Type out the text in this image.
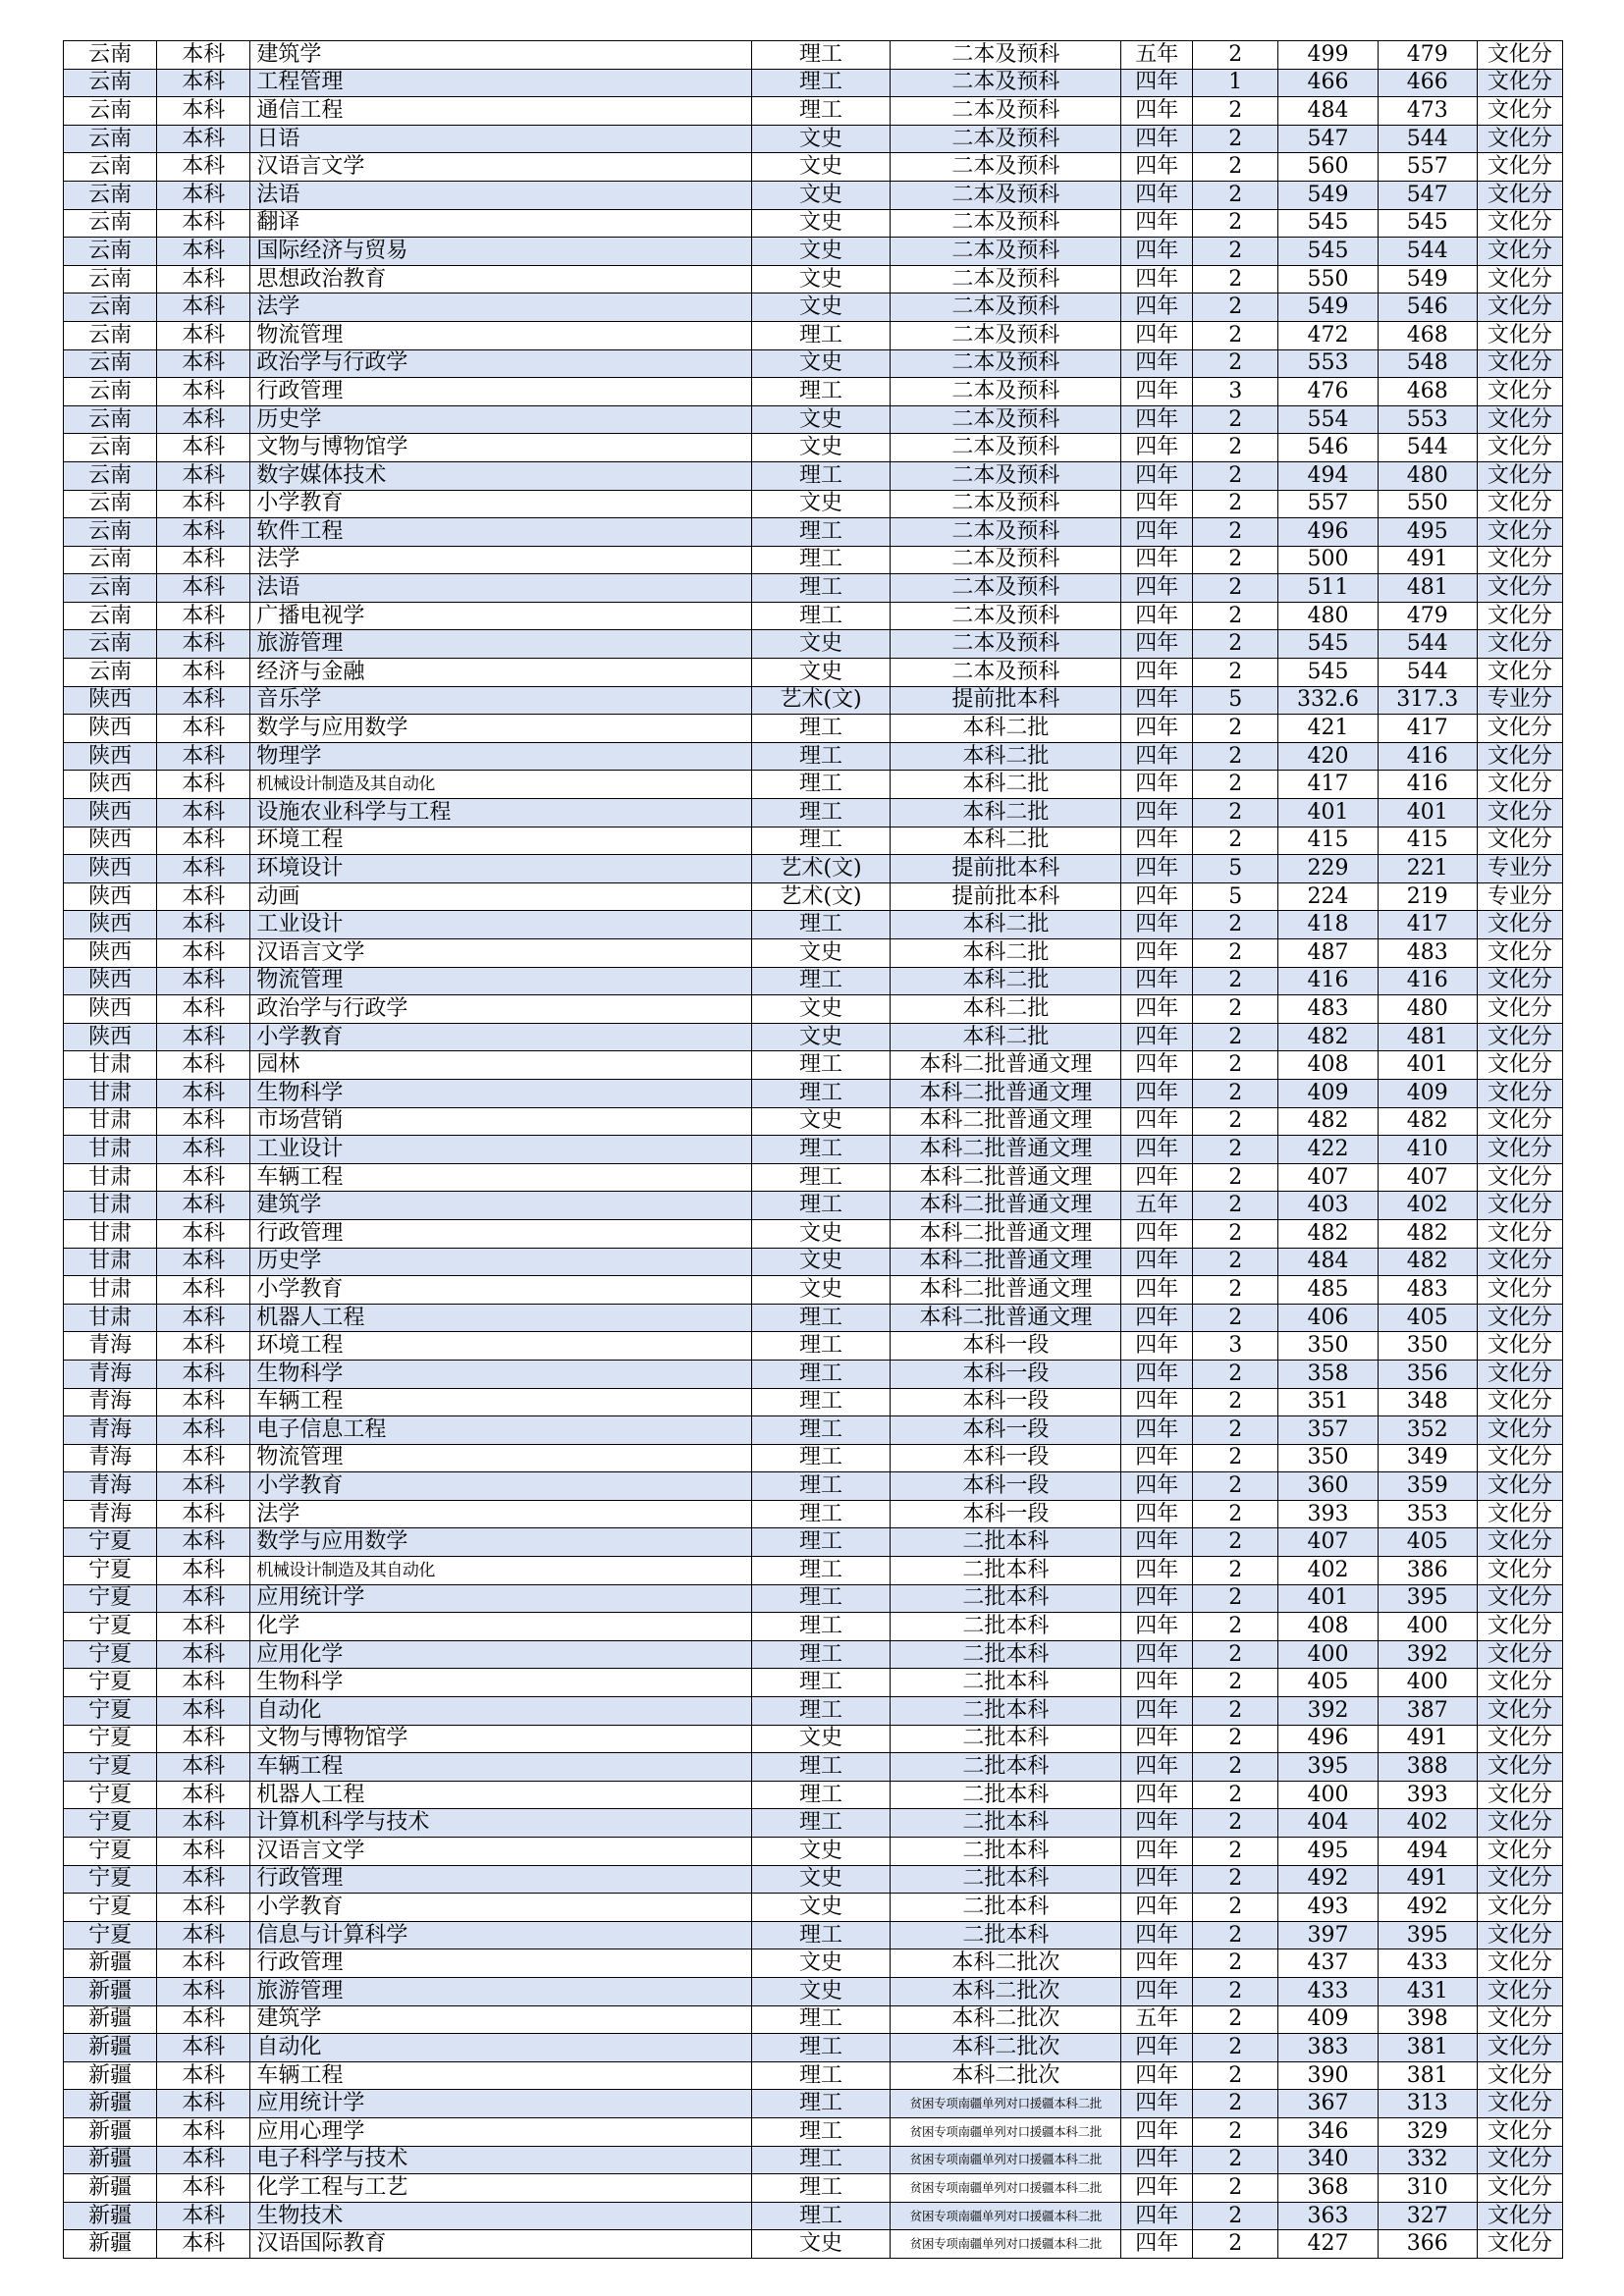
云南	本科	建筑学	理工	二本及预科	五年	2	499	479	文化分
云南	本科	工程管理	理工	二本及预科	四年	1	466	466	文化分
云南	本科	通信工程	理工	二本及预科	四年	2	484	473	文化分
云南	本科	日语	文史	二本及预科	四年	2	547	544	文化分
云南	本科	汉语言文学	文史	二本及预科	四年	2	560	557	文化分
云南	本科	法语	文史	二本及预科	四年	2	549	547	文化分
云南	本科	翻译	文史	二本及预科	四年	2	545	545	文化分
云南	本科	国际经济与贸易	文史	二本及预科	四年	2	545	544	文化分
云南	本科	思想政治教育	文史	二本及预科	四年	2	550	549	文化分
云南	本科	法学	文史	二本及预科	四年	2	549	546	文化分
云南	本科	物流管理	理工	二本及预科	四年	2	472	468	文化分
云南	本科	政治学与行政学	文史	二本及预科	四年	2	553	548	文化分
云南	本科	行政管理	理工	二本及预科	四年	3	476	468	文化分
云南	本科	历史学	文史	二本及预科	四年	2	554	553	文化分
云南	本科	文物与博物馆学	文史	二本及预科	四年	2	546	544	文化分
云南	本科	数字媒体技术	理工	二本及预科	四年	2	494	480	文化分
云南	本科	小学教育	文史	二本及预科	四年	2	557	550	文化分
云南	本科	软件工程	理工	二本及预科	四年	2	496	495	文化分
云南	本科	法学	理工	二本及预科	四年	2	500	491	文化分
云南	本科	法语	理工	二本及预科	四年	2	511	481	文化分
云南	本科	广播电视学	理工	二本及预科	四年	2	480	479	文化分
云南	本科	旅游管理	文史	二本及预科	四年	2	545	544	文化分
云南	本科	经济与金融	文史	二本及预科	四年	2	545	544	文化分
陕西	本科	音乐学	艺术(文)	提前批本科	四年	5	332.6	317.3	专业分
陕西	本科	数学与应用数学	理工	本科二批	四年	2	421	417	文化分
陕西	本科	物理学	理工	本科二批	四年	2	420	416	文化分
陕西	本科	机械设计制造及其自动化	理工	本科二批	四年	2	417	416	文化分
陕西	本科	设施农业科学与工程	理工	本科二批	四年	2	401	401	文化分
陕西	本科	环境工程	理工	本科二批	四年	2	415	415	文化分
陕西	本科	环境设计	艺术(文)	提前批本科	四年	5	229	221	专业分
陕西	本科	动画	艺术(文)	提前批本科	四年	5	224	219	专业分
陕西	本科	工业设计	理工	本科二批	四年	2	418	417	文化分
陕西	本科	汉语言文学	文史	本科二批	四年	2	487	483	文化分
陕西	本科	物流管理	理工	本科二批	四年	2	416	416	文化分
陕西	本科	政治学与行政学	文史	本科二批	四年	2	483	480	文化分
陕西	本科	小学教育	文史	本科二批	四年	2	482	481	文化分
甘肃	本科	园林	理工	本科二批普通文理	四年	2	408	401	文化分
甘肃	本科	生物科学	理工	本科二批普通文理	四年	2	409	409	文化分
甘肃	本科	市场营销	文史	本科二批普通文理	四年	2	482	482	文化分
甘肃	本科	工业设计	理工	本科二批普通文理	四年	2	422	410	文化分
甘肃	本科	车辆工程	理工	本科二批普通文理	四年	2	407	407	文化分
甘肃	本科	建筑学	理工	本科二批普通文理	五年	2	403	402	文化分
甘肃	本科	行政管理	文史	本科二批普通文理	四年	2	482	482	文化分
甘肃	本科	历史学	文史	本科二批普通文理	四年	2	484	482	文化分
甘肃	本科	小学教育	文史	本科二批普通文理	四年	2	485	483	文化分
甘肃	本科	机器人工程	理工	本科二批普通文理	四年	2	406	405	文化分
青海	本科	环境工程	理工	本科一段	四年	3	350	350	文化分
青海	本科	生物科学	理工	本科一段	四年	2	358	356	文化分
青海	本科	车辆工程	理工	本科一段	四年	2	351	348	文化分
青海	本科	电子信息工程	理工	本科一段	四年	2	357	352	文化分
青海	本科	物流管理	理工	本科一段	四年	2	350	349	文化分
青海	本科	小学教育	理工	本科一段	四年	2	360	359	文化分
青海	本科	法学	理工	本科一段	四年	2	393	353	文化分
宁夏	本科	数学与应用数学	理工	二批本科	四年	2	407	405	文化分
宁夏	本科	机械设计制造及其自动化	理工	二批本科	四年	2	402	386	文化分
宁夏	本科	应用统计学	理工	二批本科	四年	2	401	395	文化分
宁夏	本科	化学	理工	二批本科	四年	2	408	400	文化分
宁夏	本科	应用化学	理工	二批本科	四年	2	400	392	文化分
宁夏	本科	生物科学	理工	二批本科	四年	2	405	400	文化分
宁夏	本科	自动化	理工	二批本科	四年	2	392	387	文化分
宁夏	本科	文物与博物馆学	文史	二批本科	四年	2	496	491	文化分
宁夏	本科	车辆工程	理工	二批本科	四年	2	395	388	文化分
宁夏	本科	机器人工程	理工	二批本科	四年	2	400	393	文化分
宁夏	本科	计算机科学与技术	理工	二批本科	四年	2	404	402	文化分
宁夏	本科	汉语言文学	文史	二批本科	四年	2	495	494	文化分
宁夏	本科	行政管理	文史	二批本科	四年	2	492	491	文化分
宁夏	本科	小学教育	文史	二批本科	四年	2	493	492	文化分
宁夏	本科	信息与计算科学	理工	二批本科	四年	2	397	395	文化分
新疆	本科	行政管理	文史	本科二批次	四年	2	437	433	文化分
新疆	本科	旅游管理	文史	本科二批次	四年	2	433	431	文化分
新疆	本科	建筑学	理工	本科二批次	五年	2	409	398	文化分
新疆	本科	自动化	理工	本科二批次	四年	2	383	381	文化分
新疆	本科	车辆工程	理工	本科二批次	四年	2	390	381	文化分
新疆	本科	应用统计学	理工	贫困专项南疆单列对口援疆本科二批	四年	2	367	313	文化分
新疆	本科	应用心理学	理工	贫困专项南疆单列对口援疆本科二批	四年	2	346	329	文化分
新疆	本科	电子科学与技术	理工	贫困专项南疆单列对口援疆本科二批	四年	2	340	332	文化分
新疆	本科	化学工程与工艺	理工	贫困专项南疆单列对口援疆本科二批	四年	2	368	310	文化分
新疆	本科	生物技术	理工	贫困专项南疆单列对口援疆本科二批	四年	2	363	327	文化分
新疆	本科	汉语国际教育	文史	贫困专项南疆单列对口援疆本科二批	四年	2	427	366	文化分
